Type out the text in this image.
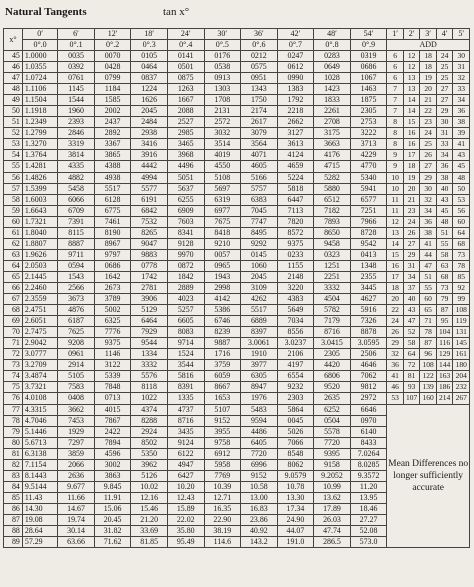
Natural Tangents	tan x°
x°	0′	6′	12′	18′	24′	30′	36′	42′	48′	54′	1′	2′	3′	4′	5′
	0°.0	0°.1	0°.2	0°.3	0°.4	0°.5	0°.6	0°.7	0°.8	0°.9	ADD				
45	1.0000	0035	0070	0105	0141	0176	0212	0247	0283	0319	6	12	18	24	30
46	1.0355	0392	0428	0464	0501	0538	0575	0612	0649	0686	6	12	18	25	31
47	1.0724	0761	0799	0837	0875	0913	0951	0990	1028	1067	6	13	19	25	32
48	1.1106	1145	1184	1224	1263	1303	1343	1383	1423	1463	7	13	20	27	33
49	1.1504	1544	1585	1626	1667	1708	1750	1792	1833	1875	7	14	21	27	34
50	1.1918	1960	2002	2045	2088	2131	2174	2218	2261	2305	7	14	22	29	36
51	1.2349	2393	2437	2484	2527	2572	2617	2662	2708	2753	8	15	23	30	38
52	1.2799	2846	2892	2938	2985	3032	3079	3127	3175	3222	8	16	24	31	39
53	1.3270	3319	3367	3416	3465	3514	3564	3613	3663	3713	8	16	25	33	41
54	1.3764	3814	3865	3916	3968	4019	4071	4124	4176	4229	9	17	26	34	43
55	1.4281	4335	4388	4442	4496	4550	4605	4659	4715	4770	9	18	27	36	45
56	1.4826	4882	4938	4994	5051	5108	5166	5224	5282	5340	10	19	29	38	48
57	1.5399	5458	5517	5577	5637	5697	5757	5818	5880	5941	10	20	30	40	50
58	1.6003	6066	6128	6191	6255	6319	6383	6447	6512	6577	11	21	32	43	53
59	1.6643	6709	6775	6842	6909	6977	7045	7113	7182	7251	11	23	34	45	56
60	1.7321	7391	7461	7532	7603	7675	7747	7820	7893	7966	12	24	36	48	60
61	1.8040	8115	8190	8265	8341	8418	8495	8572	8650	8728	13	26	38	51	64
62	1.8807	8887	8967	9047	9128	9210	9292	9375	9458	9542	14	27	41	55	68
63	1.9626	9711	9797	9883	9970	0057	0145	0233	0323	0413	15	29	44	58	73
64	2.0503	0594	0686	0778	0872	0965	1060	1155	1251	1348	16	31	47	63	78
65	2.1445	1543	1642	1742	1842	1943	2045	2148	2251	2355	17	34	51	68	85
66	2.2460	2566	2673	2781	2889	2998	3109	3220	3332	3445	18	37	55	73	92
67	2.3559	3673	3789	3906	4023	4142	4262	4383	4504	4627	20	40	60	79	99
68	2.4751	4876	5002	5129	5257	5386	5517	5649	5782	5916	22	43	65	87	108
69	2.6051	6187	6325	6464	6605	6746	6889	7034	7179	7326	24	47	71	95	119
70	2.7475	7625	7776	7929	8083	8239	8397	8556	8716	8878	26	52	78	104	131
71	2.9042	9208	9375	9544	9714	9887	3.0061	3.0237	3.0415	3.0595	29	58	87	116	145
72	3.0777	0961	1146	1334	1524	1716	1910	2106	2305	2506	32	64	96	129	161
73	3.2709	2914	3122	3332	3544	3759	3977	4197	4420	4646	36	72	108	144	180
74	3.4874	5105	5339	5576	5816	6059	6305	6554	6806	7062	41	81	122	163	204
75	3.7321	7583	7848	8118	8391	8667	8947	9232	9520	9812	46	93	139	186	232
76	4.0108	0408	0713	1022	1335	1653	1976	2303	2635	2972	53	107	160	214	267
77	4.3315	3662	4015	4374	4737	5107	5483	5864	6252	6646	Mean Differences no longer sufficiently accurate				
78	4.7046	7453	7867	8288	8716	9152	9594	0045	0504	0970					
79	5.1446	1929	2422	2924	3435	3955	4486	5026	5578	6140					
80	5.6713	7297	7894	8502	9124	9758	6405	7066	7720	8433					
81	6.3138	3859	4596	5350	6122	6912	7720	8548	9395	7.0264					
82	7.1154	2066	3002	3962	4947	5958	6996	8062	9158	8.0285					
83	8.1443	2636	3863	5126	6427	7769	9152	9.0579	9.2052	9.3572					
84	9.5144	9.677	9.845	10.02	10.20	10.39	10.58	10.78	10.99	11.20					
85	11.43	11.66	11.91	12.16	12.43	12.71	13.00	13.30	13.62	13.95					
86	14.30	14.67	15.06	15.46	15.89	16.35	16.83	17.34	17.89	18.46					
87	19.08	19.74	20.45	21.20	22.02	22.90	23.86	24.90	26.03	27.27					
88	28.64	30.14	31.82	33.69	35.80	38.19	40.92	44.07	47.74	52.08					
89	57.29	63.66	71.62	81.85	95.49	114.6	143.2	191.0	286.5	573.0					
